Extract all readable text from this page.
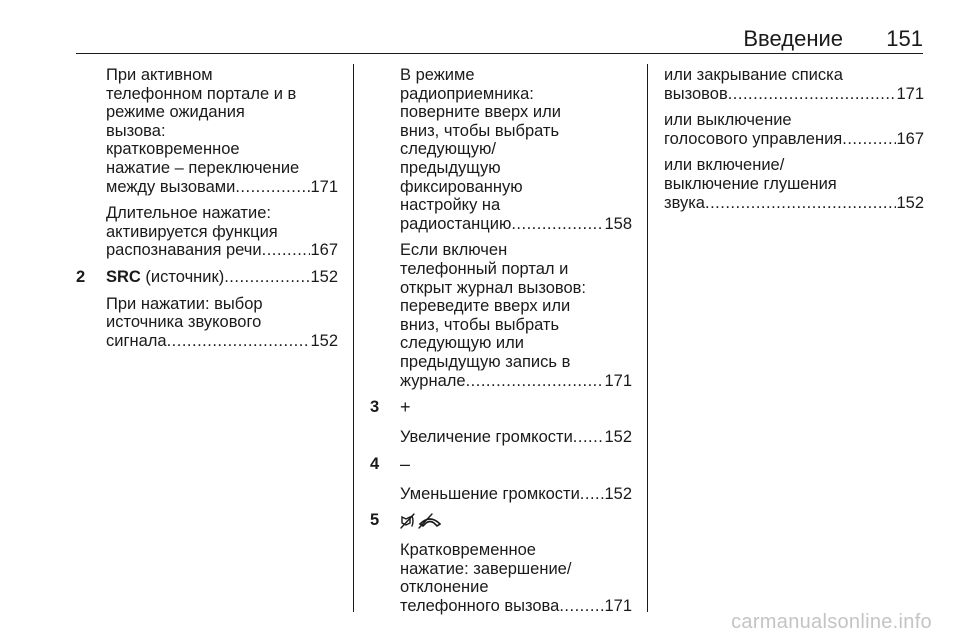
Введение 151
При активном
телефонном портале и в
режиме ожидания
вызова:
кратковременное
нажатие – переключение
между вызовами .....	171
Длительное нажатие:
активируется функция
распознавания речи .....	167
2 SRC (источник) .....	152
При нажатии: выбор
источника звукового
сигнала .....	152
В режиме
радиоприемника:
поверните вверх или
вниз, чтобы выбрать
следующую/
предыдущую
фиксированную
настройку на
радиостанцию .....	158
Если включен
телефонный портал и
открыт журнал вызовов:
переведите вверх или
вниз, чтобы выбрать
следующую или
предыдущую запись в
журнале .....	171
3 +
Увеличение громкости ..... 152
4 –
Уменьшение громкости ..... 152
5
Кратковременное
нажатие: завершение/
отклонение
телефонного вызова .....	171
или закрывание списка
вызовов .....	171
или выключение
голосового управления .....	167
или включение/
выключение глушения
звука .....	152
carmanualsonline.info
